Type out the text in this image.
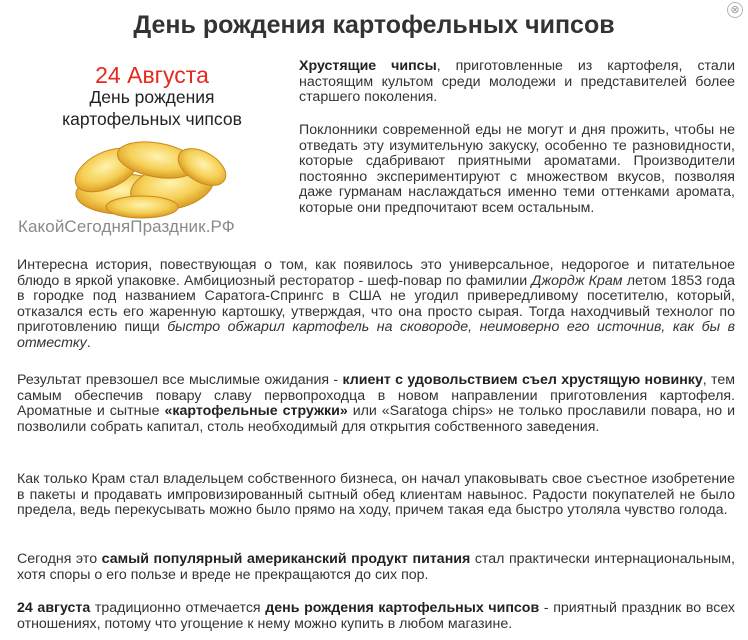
⊗
День рождения картофельных чипсов
24 Августа
День рождения
картофельных чипсов
КакойСегодняПраздник.РФ

Хрустящие чипсы, приготовленные из картофеля, стали настоящим культом среди молодежи и представителей более старшего поколения.

Поклонники современной еды не могут и дня прожить, чтобы не отведать эту изумительную закуску, особенно те разновидности, которые сдабривают приятными ароматами. Производители постоянно экспериментируют с множеством вкусов, позволяя даже гурманам наслаждаться именно теми оттенками аромата, которые они предпочитают всем остальным.

Интересна история, повествующая о том, как появилось это универсальное, недорогое и питательное блюдо в яркой упаковке. Амбициозный ресторатор - шеф-повар по фамилии Джордж Крам летом 1853 года в городке под названием Саратога-Спрингс в США не угодил привередливому посетителю, который, отказался есть его жаренную картошку, утверждая, что она просто сырая. Тогда находчивый технолог по приготовлению пищи быстро обжарил картофель на сковороде, неимоверно его источнив, как бы в отместку.

Результат превзошел все мыслимые ожидания - клиент с удовольствием съел хрустящую новинку, тем самым обеспечив повару славу первопроходца в новом направлении приготовления картофеля. Ароматные и сытные «картофельные стружки» или «Saratoga chips» не только прославили повара, но и позволили собрать капитал, столь необходимый для открытия собственного заведения.

Как только Крам стал владельцем собственного бизнеса, он начал упаковывать свое съестное изобретение в пакеты и продавать импровизированный сытный обед клиентам навынос. Радости покупателей не было предела, ведь перекусывать можно было прямо на ходу, причем такая еда быстро утоляла чувство голода.

Сегодня это самый популярный американский продукт питания стал практически интернациональным, хотя споры о его пользе и вреде не прекращаются до сих пор.

24 августа традиционно отмечается день рождения картофельных чипсов - приятный праздник во всех отношениях, потому что угощение к нему можно купить в любом магазине.
